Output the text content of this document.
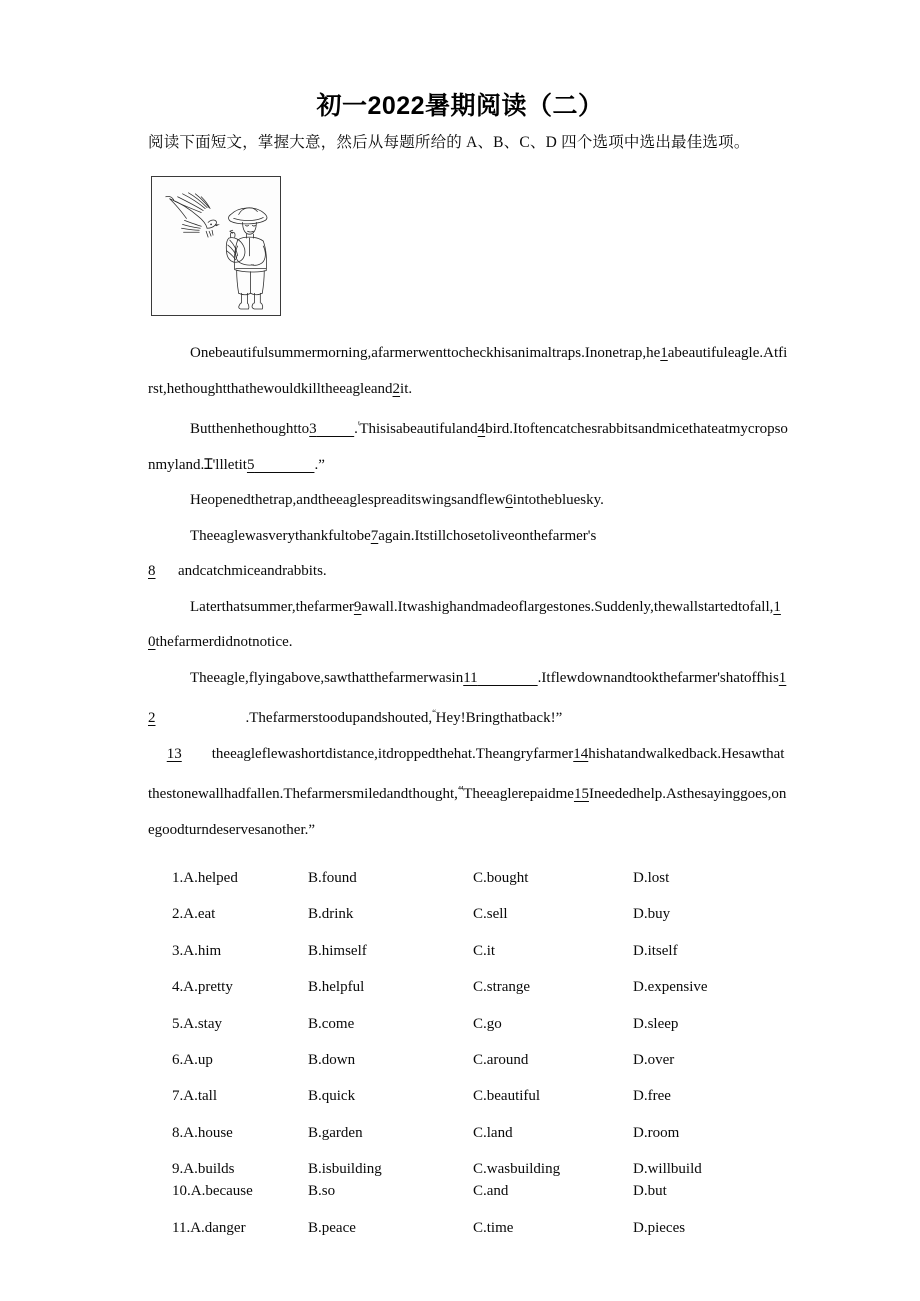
初一2022暑期阅读（二）
阅读下面短文，掌握大意，然后从每题所给的 A、B、C、D 四个选项中选出最佳选项。

Onebeautifulsummermorning,afarmerwenttocheckhisanimaltraps.Inonetrap,he1abeautifuleagle.Atfirst,hethoughtthathewouldkilltheeagleand2it.

Butthenhethoughtto3	.$^ᶠ$Thisisabeautifuland4bird.Itoftencatchesrabbitsandmicethateatmycropsonmyland.Ɪ'llletit5	.”

Heopenedthetrap,andtheeaglespreaditswingsandflew6intothebluesky.

Theeaglewasverythankfultobe7again.Itstillchosetoliveonthefarmer's

8 andcatchmiceandrabbits.

Laterthatsummer,thefarmer9awall.Itwashighandmadeoflargestones.Suddenly,thewallstartedtofall,10thefarmerdidnotnotice.

Theeagle,flyingabove,sawthatthefarmerwasin11	.Itflewdownandtookthefarmer'shatoffhis12	.Thefarmerstoodupandshouted,“Hey!Bringthatback!”

13 theeagleflewashortdistance,itdroppedthehat.Theangryfarmer14hishatandwalkedback.Hesawthatthestonewallhadfallen.Thefarmersmiledandthought,$^{^{44}}$Theeaglerepaidme15Ineededhelp.Asthesayinggoes,onegoodturndeservesanother.”

1.A.helped	B.found	C.bought	D.lost
2.A.eat	B.drink	C.sell	D.buy
3.A.him	B.himself	C.it	D.itself
4.A.pretty	B.helpful	C.strange	D.expensive
5.A.stay	B.come	C.go	D.sleep
6.A.up	B.down	C.around	D.over
7.A.tall	B.quick	C.beautiful	D.free
8.A.house	B.garden	C.land	D.room
9.A.builds	B.isbuilding	C.wasbuilding	D.willbuild
10.A.because	B.so	C.and	D.but
11.A.danger	B.peace	C.time	D.pieces
